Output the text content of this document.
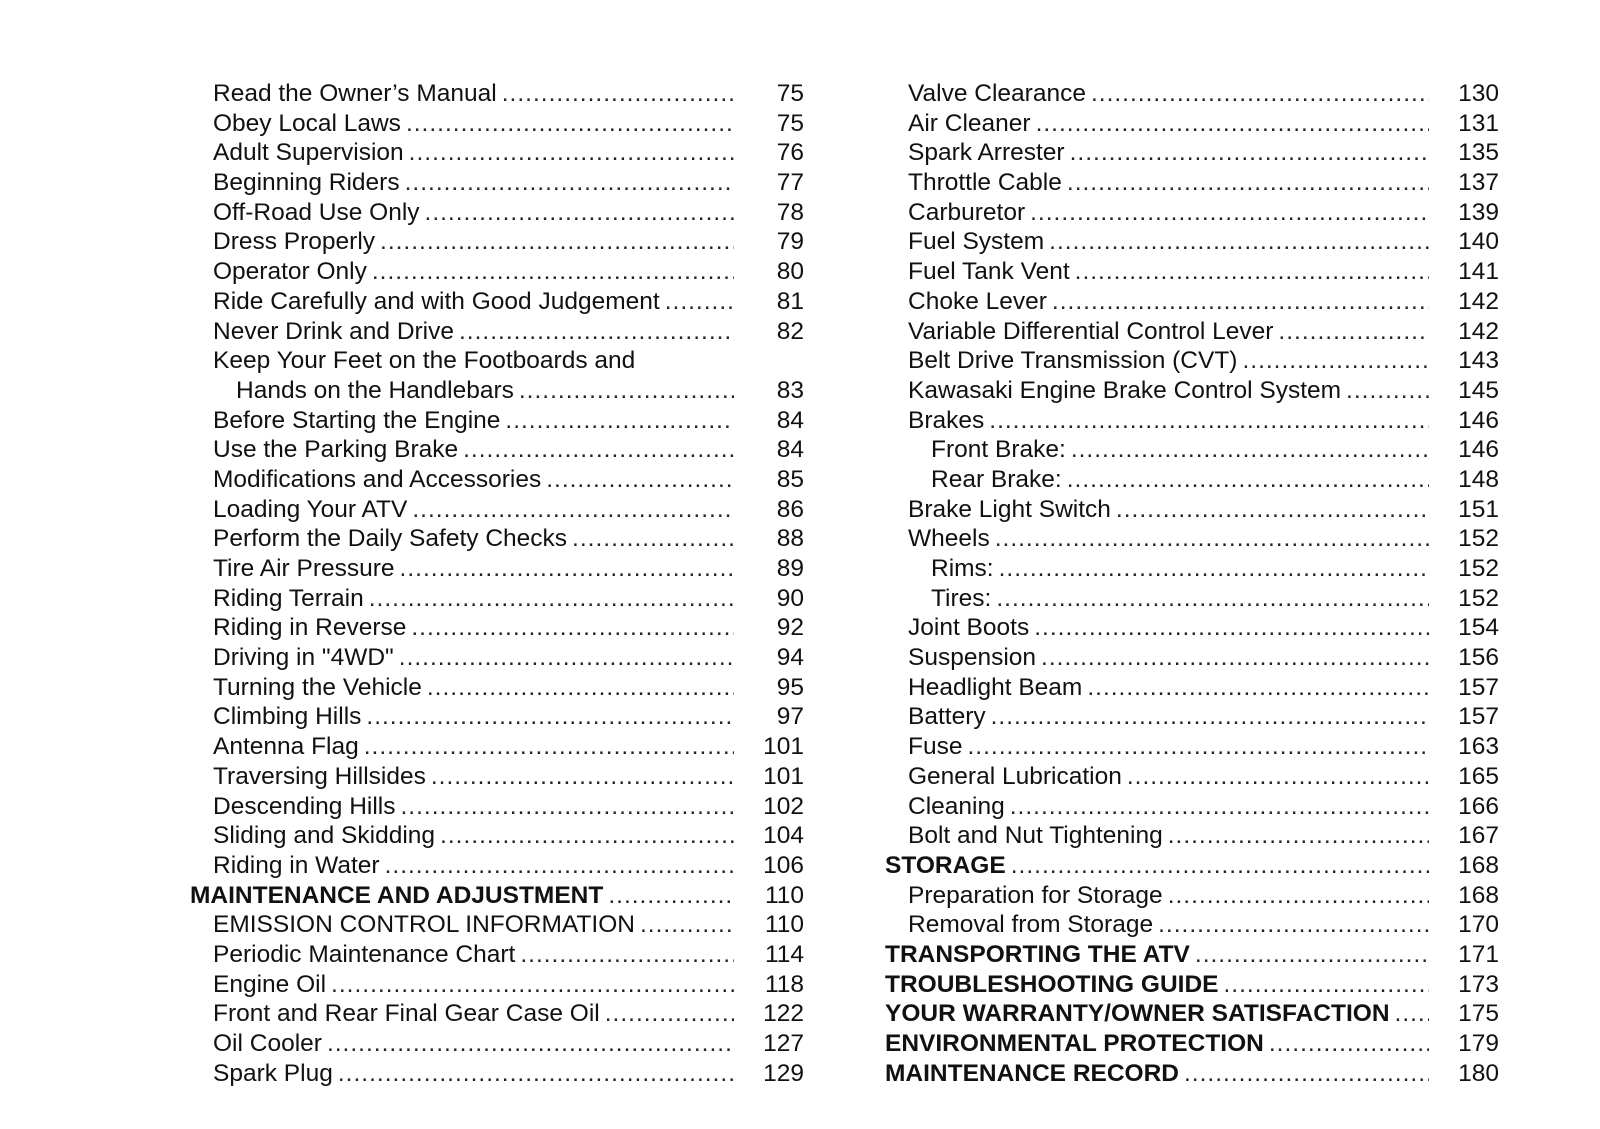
Read the Owner’s Manual .....	75
Obey Local Laws .....	75
Adult Supervision .....	76
Beginning Riders .....	77
Off-Road Use Only .....	78
Dress Properly .....	79
Operator Only .....	80
Ride Carefully and with Good Judgement .....	81
Never Drink and Drive .....	82
Keep Your Feet on the Footboards and
Hands on the Handlebars .....	83
Before Starting the Engine .....	84
Use the Parking Brake .....	84
Modifications and Accessories .....	85
Loading Your ATV .....	86
Perform the Daily Safety Checks .....	88
Tire Air Pressure .....	89
Riding Terrain .....	90
Riding in Reverse .....	92
Driving in "4WD" .....	94
Turning the Vehicle .....	95
Climbing Hills .....	97
Antenna Flag .....	101
Traversing Hillsides .....	101
Descending Hills .....	102
Sliding and Skidding .....	104
Riding in Water .....	106
MAINTENANCE AND ADJUSTMENT .....	110
EMISSION CONTROL INFORMATION .....	110
Periodic Maintenance Chart .....	114
Engine Oil .....	118
Front and Rear Final Gear Case Oil .....	122
Oil Cooler .....	127
Spark Plug .....	129
Valve Clearance .....	130
Air Cleaner .....	131
Spark Arrester .....	135
Throttle Cable .....	137
Carburetor .....	139
Fuel System .....	140
Fuel Tank Vent .....	141
Choke Lever .....	142
Variable Differential Control Lever .....	142
Belt Drive Transmission (CVT) .....	143
Kawasaki Engine Brake Control System .....	145
Brakes .....	146
Front Brake: .....	146
Rear Brake: .....	148
Brake Light Switch .....	151
Wheels .....	152
Rims: .....	152
Tires: .....	152
Joint Boots .....	154
Suspension .....	156
Headlight Beam .....	157
Battery .....	157
Fuse .....	163
General Lubrication .....	165
Cleaning .....	166
Bolt and Nut Tightening .....	167
STORAGE .....	168
Preparation for Storage .....	168
Removal from Storage .....	170
TRANSPORTING THE ATV .....	171
TROUBLESHOOTING GUIDE .....	173
YOUR WARRANTY/OWNER SATISFACTION .....	175
ENVIRONMENTAL PROTECTION .....	179
MAINTENANCE RECORD .....	180
